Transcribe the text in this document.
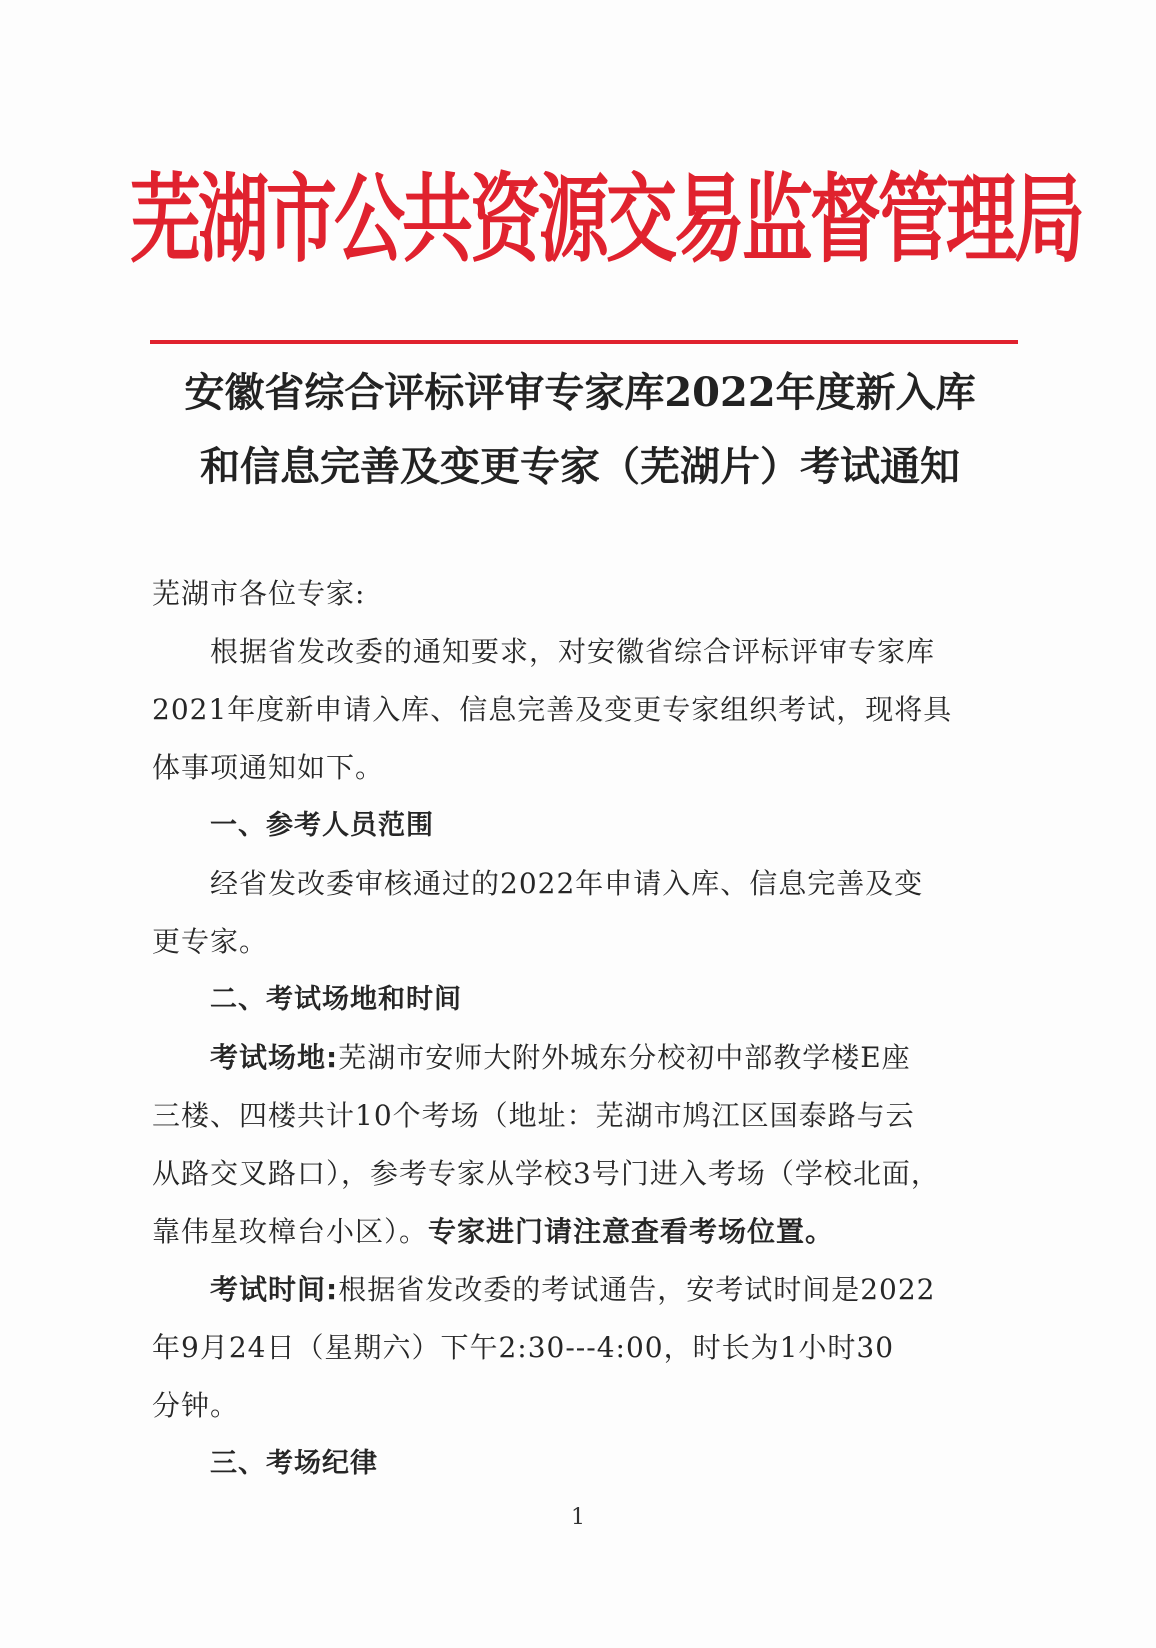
芜湖市公共资源交易监督管理局
安徽省综合评标评审专家库2022年度新入库
和信息完善及变更专家（芜湖片）考试通知
芜湖市各位专家:
根据省发改委的通知要求，对安徽省综合评标评审专家库
2021年度新申请入库、信息完善及变更专家组织考试，现将具
体事项通知如下。
一、参考人员范围
经省发改委审核通过的2022年申请入库、信息完善及变
更专家。
二、考试场地和时间
考试场地:芜湖市安师大附外城东分校初中部教学楼E座
三楼、四楼共计10个考场（地址：芜湖市鸠江区国泰路与云
从路交叉路口），参考专家从学校3号门进入考场（学校北面，
靠伟星玫樟台小区）。专家进门请注意查看考场位置。
考试时间:根据省发改委的考试通告，安考试时间是2022
年9月24日（星期六）下午2:30---4:00，时长为1小时30
分钟。
三、考场纪律
1
